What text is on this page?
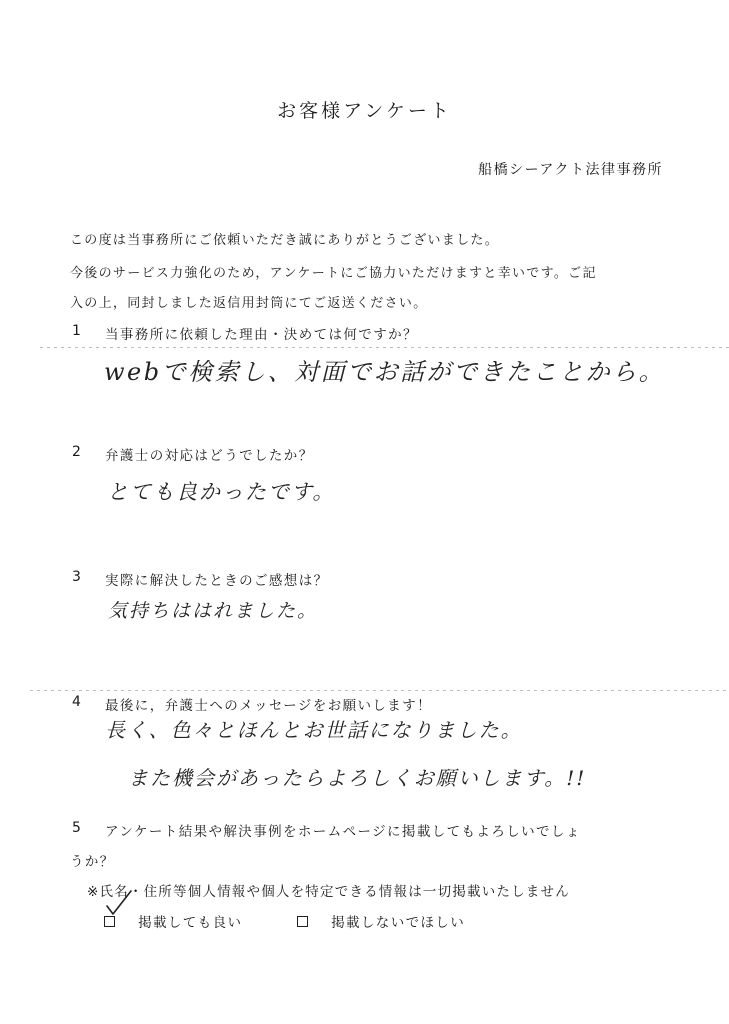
お客様アンケート
船橋シーアクト法律事務所
この度は当事務所にご依頼いただき誠にありがとうございました。
今後のサービス力強化のため，アンケートにご協力いただけますと幸いです。ご記
入の上，同封しました返信用封筒にてご返送ください。
1 当事務所に依頼した理由・決めては何ですか？
webで検索し、対面でお話ができたことから。
2 弁護士の対応はどうでしたか？
とても良かったです。
3 実際に解決したときのご感想は？
気持ちははれました。
4 最後に，弁護士へのメッセージをお願いします！
長く、色々とほんとお世話になりました。
また機会があったらよろしくお願いします。!!
5 アンケート結果や解決事例をホームページに掲載してもよろしいでしょ
うか？
※氏名・住所等個人情報や個人を特定できる情報は一切掲載いたしません
掲載しても良い	掲載しないでほしい
